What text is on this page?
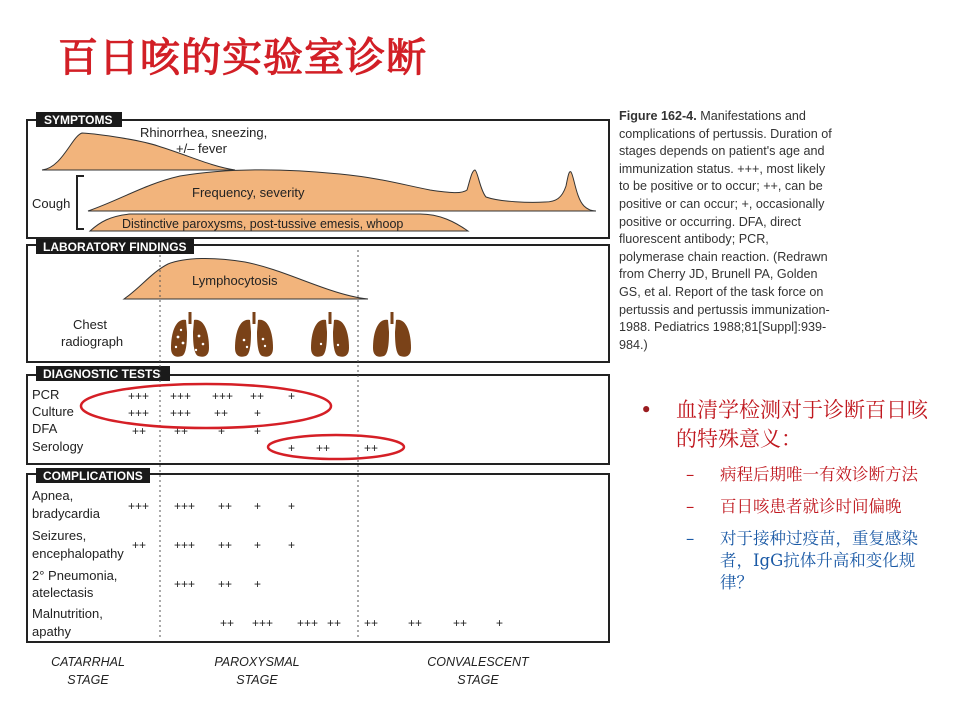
百日咳的实验室诊断
SYMPTOMS
LABORATORY FINDINGS
DIAGNOSTIC TESTS
COMPLICATIONS
Rhinorrhea, sneezing,
+/– fever
Cough
Frequency, severity
Distinctive paroxysms, post-tussive emesis, whoop
Lymphocytosis
Chest
radiograph
PCR
Culture
DFA
Serology
+++ +++ +++ ++ +
+++ +++ ++ +
++ ++ + +
+ ++	++
Apnea,
bradycardia
Seizures,
encephalopathy
2° Pneumonia,
atelectasis
Malnutrition,
apathy
+++ +++ ++ + +
++ +++ ++ + +
+++ ++ +
++ +++ +++ ++ ++ ++	++ +
CATARRHAL
STAGE
PAROXYSMAL
STAGE
CONVALESCENT
STAGE
Figure 162-4. Manifestations and complications of pertussis. Duration of stages depends on patient's age and immunization status. +++, most likely to be positive or to occur; ++, can be positive or can occur; +, occasionally positive or occurring. DFA, direct fluorescent antibody; PCR, polymerase chain reaction. (Redrawn from Cherry JD, Brunell PA, Golden GS, et al. Report of the task force on pertussis and pertussis immunization-1988. Pediatrics 1988;81[Suppl]:939-984.)
• 血清学检测对于诊断百日咳的特殊意义：
– 病程后期唯一有效诊断方法
– 百日咳患者就诊时间偏晚
– 对于接种过疫苗，重复感染者，IgG抗体升高和变化规律？
